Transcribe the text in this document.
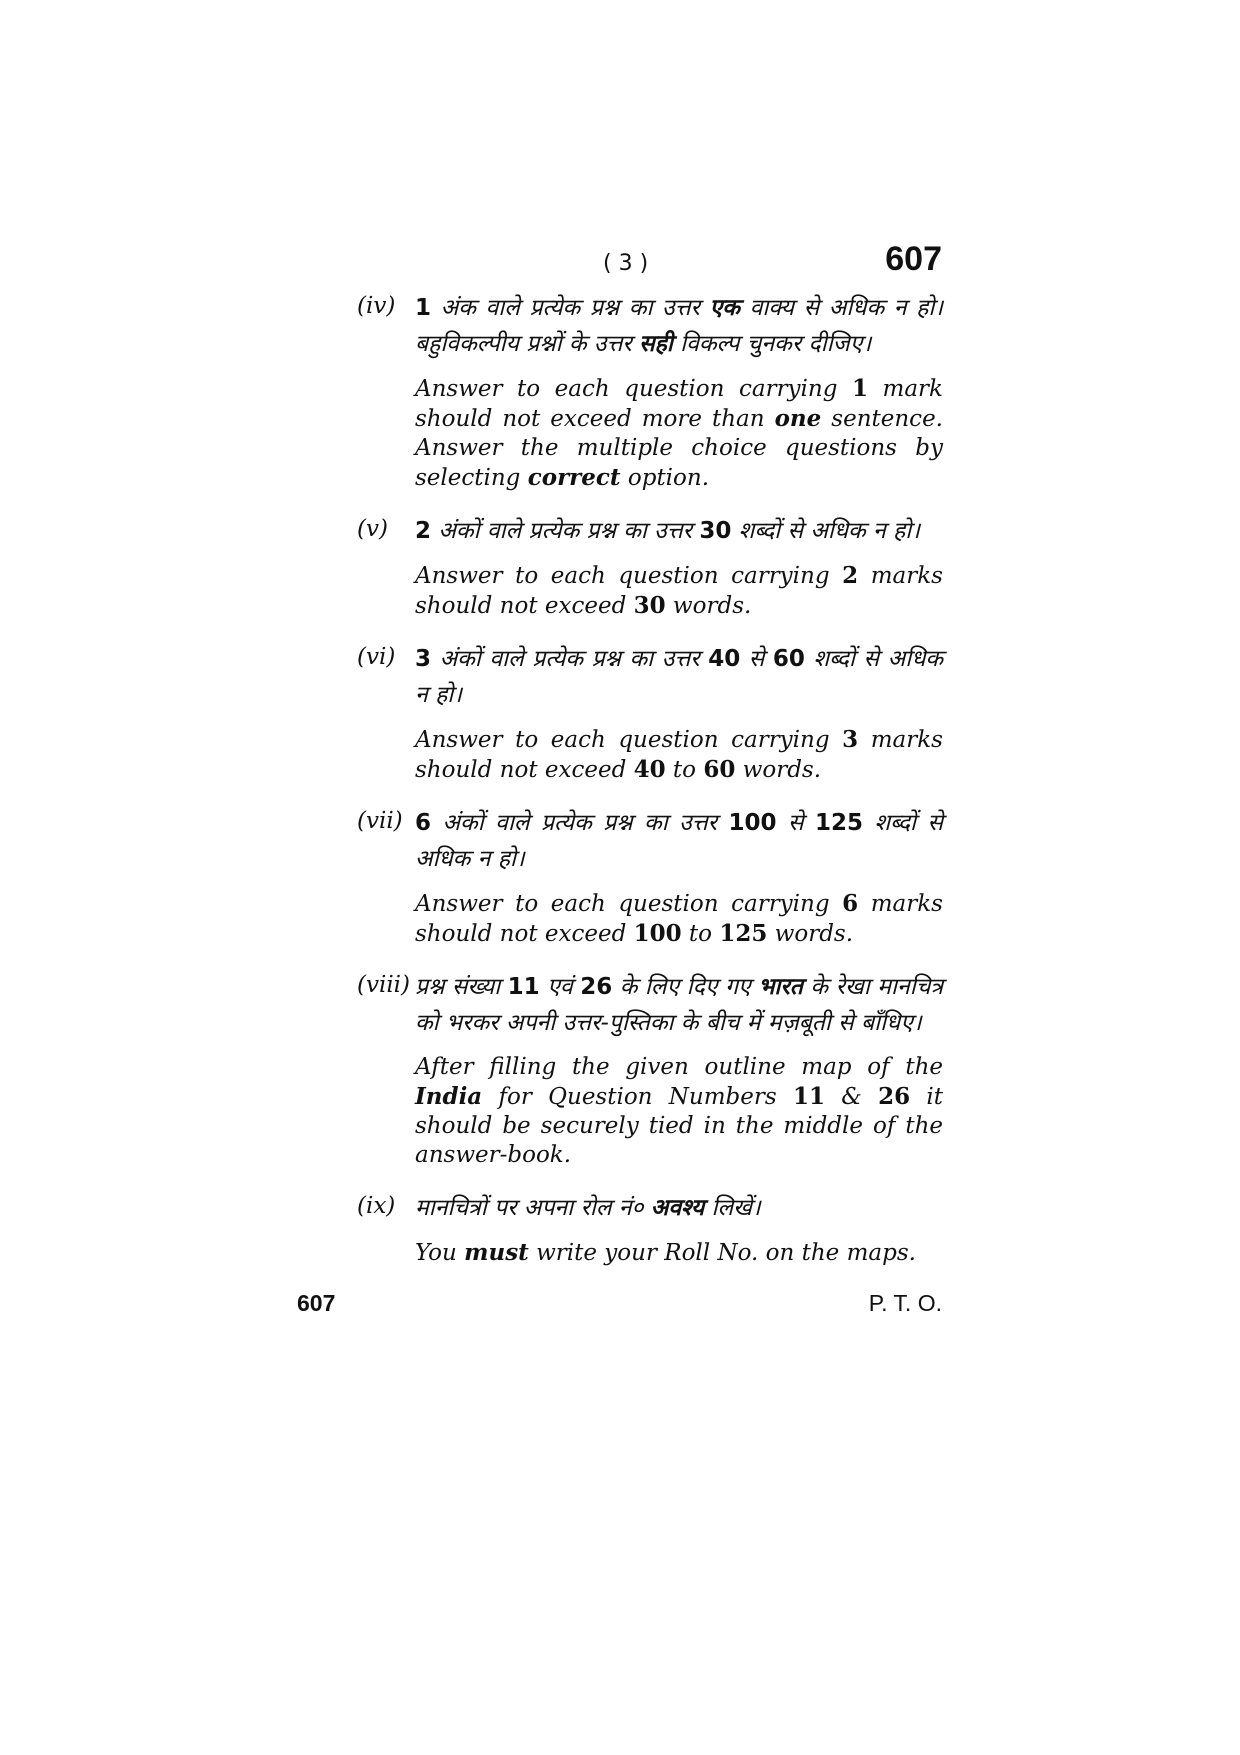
( 3 )	607
(iv) 1 अंक वाले प्रत्येक प्रश्न का उत्तर एक वाक्य से अधिक न हो। बहुविकल्पीय प्रश्नों के उत्तर सही विकल्प चुनकर दीजिए।

Answer to each question carrying 1 mark should not exceed more than one sentence. Answer the multiple choice questions by selecting correct option.

(v)	2 अंकों वाले प्रत्येक प्रश्न का उत्तर 30 शब्दों से अधिक न हो।

Answer to each question carrying 2 marks should not exceed 30 words.

(vi) 3 अंकों वाले प्रत्येक प्रश्न का उत्तर 40 से 60 शब्दों से अधिक न हो।

Answer to each question carrying 3 marks should not exceed 40 to 60 words.

(vii) 6 अंकों वाले प्रत्येक प्रश्न का उत्तर 100 से 125 शब्दों से अधिक न हो।

Answer to each question carrying 6 marks should not exceed 100 to 125 words.

(viii) प्रश्न संख्या 11 एवं 26 के लिए दिए गए भारत के रेखा मानचित्र को भरकर अपनी उत्तर-पुस्तिका के बीच में मज़बूती से बाँधिए।

After filling the given outline map of the India for Question Numbers 11 & 26 it should be securely tied in the middle of the answer-book.

(ix) मानचित्रों पर अपना रोल नं० अवश्य लिखें।

You must write your Roll No. on the maps.

607	P. T. O.
